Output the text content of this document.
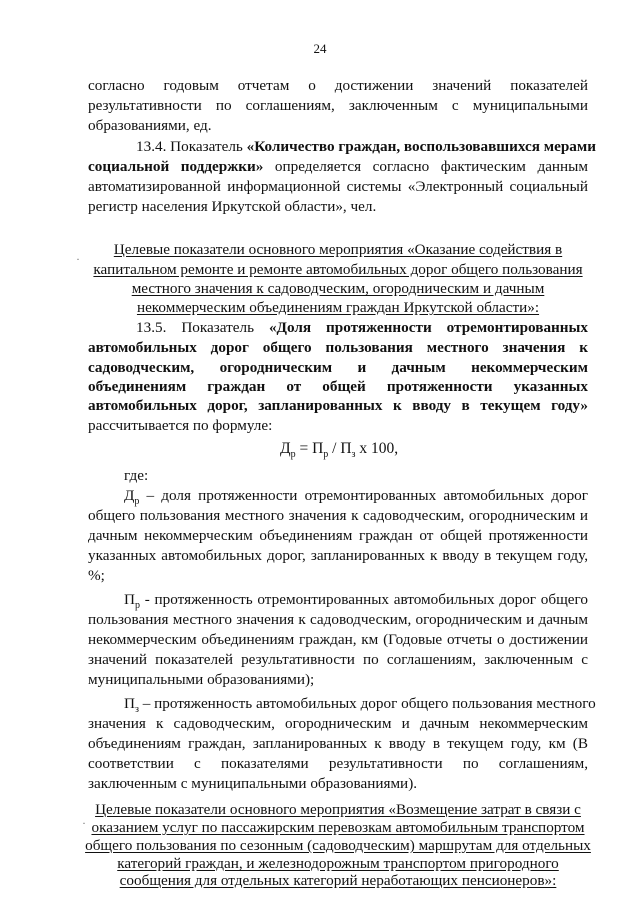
24
согласно годовым отчетам о достижении значений показателей
результативности по соглашениям, заключенным с муниципальными
образованиями, ед.
13.4. Показатель «Количество граждан, воспользовавшихся мерами
социальной поддержки» определяется согласно фактическим данным
автоматизированной информационной системы «Электронный социальный
регистр населения Иркутской области», чел.
Целевые показатели основного мероприятия «Оказание содействия в
капитальном ремонте и ремонте автомобильных дорог общего пользования
местного значения к садоводческим, огородническим и дачным
некоммерческим объединениям граждан Иркутской области»:
·
13.5. Показатель «Доля протяженности отремонтированных
автомобильных дорог общего пользования местного значения к
садоводческим, огородническим и дачным некоммерческим
объединениям граждан от общей протяженности указанных
автомобильных дорог, запланированных к вводу в текущем году»
рассчитывается по формуле:
$Д_р = П_р / П_з$ х 100,
где:
$Д_р$ – доля протяженности отремонтированных автомобильных дорог
общего пользования местного значения к садоводческим, огородническим и
дачным некоммерческим объединениям граждан от общей протяженности
указанных автомобильных дорог, запланированных к вводу в текущем году,
%;
$П_р$ - протяженность отремонтированных автомобильных дорог общего
пользования местного значения к садоводческим, огородническим и дачным
некоммерческим объединениям граждан, км (Годовые отчеты о достижении
значений показателей результативности по соглашениям, заключенным с
муниципальными образованиями);
$П_з$ – протяженность автомобильных дорог общего пользования местного
значения к садоводческим, огородническим и дачным некоммерческим
объединениям граждан, запланированных к вводу в текущем году, км (В
соответствии с показателями результативности по соглашениям,
заключенным с муниципальными образованиями).
Целевые показатели основного мероприятия «Возмещение затрат в связи с
оказанием услуг по пассажирским перевозкам автомобильным транспортом
общего пользования по сезонным (садоводческим) маршрутам для отдельных
категорий граждан, и железнодорожным транспортом пригородного
сообщения для отдельных категорий неработающих пенсионеров»:
·
